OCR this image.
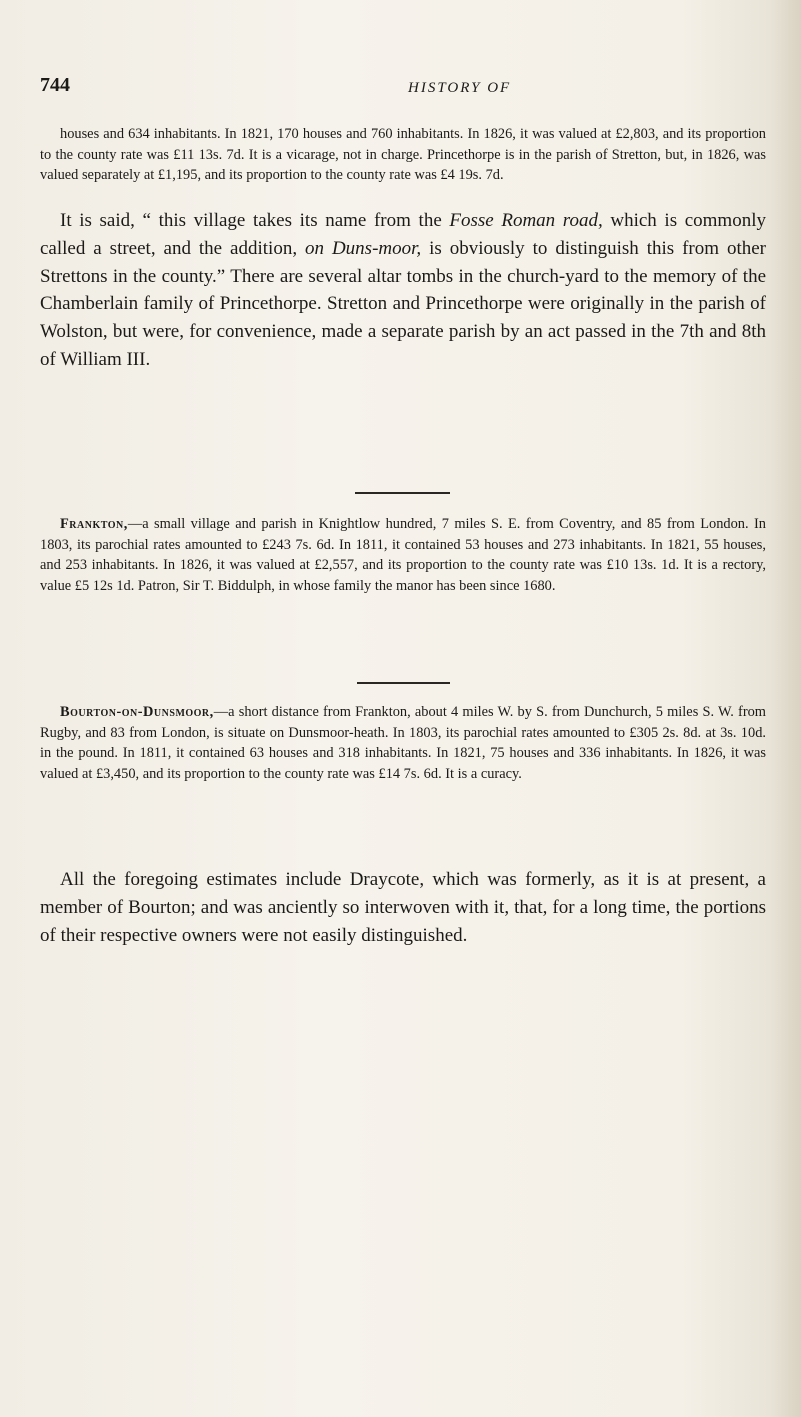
744	HISTORY OF

houses and 634 inhabitants. In 1821, 170 houses and 760 inhabitants. In 1826, it was valued at £2,803, and its proportion to the county rate was £11 13s. 7d. It is a vicarage, not in charge. Princethorpe is in the parish of Stretton, but, in 1826, was valued separately at £1,195, and its proportion to the county rate was £4 19s. 7d.

It is said, “ this village takes its name from the Fosse Roman road, which is commonly called a street, and the addition, on Duns-moor, is obviously to distinguish this from other Strettons in the county.” There are several altar tombs in the church-yard to the memory of the Chamberlain family of Princethorpe. Stretton and Princethorpe were originally in the parish of Wolston, but were, for convenience, made a separate parish by an act passed in the 7th and 8th of William III.

Frankton,—a small village and parish in Knightlow hundred, 7 miles S. E. from Coventry, and 85 from London. In 1803, its parochial rates amounted to £243 7s. 6d. In 1811, it contained 53 houses and 273 inhabitants. In 1821, 55 houses, and 253 inhabitants. In 1826, it was valued at £2,557, and its proportion to the county rate was £10 13s. 1d. It is a rectory, value £5 12s 1d. Patron, Sir T. Biddulph, in whose family the manor has been since 1680.

Bourton-on-Dunsmoor,—a short distance from Frankton, about 4 miles W. by S. from Dunchurch, 5 miles S. W. from Rugby, and 83 from London, is situate on Dunsmoor-heath. In 1803, its parochial rates amounted to £305 2s. 8d. at 3s. 10d. in the pound. In 1811, it contained 63 houses and 318 inhabitants. In 1821, 75 houses and 336 inhabitants. In 1826, it was valued at £3,450, and its proportion to the county rate was £14 7s. 6d. It is a curacy.

All the foregoing estimates include Draycote, which was formerly, as it is at present, a member of Bourton; and was anciently so interwoven with it, that, for a long time, the portions of their respective owners were not easily distinguished.
